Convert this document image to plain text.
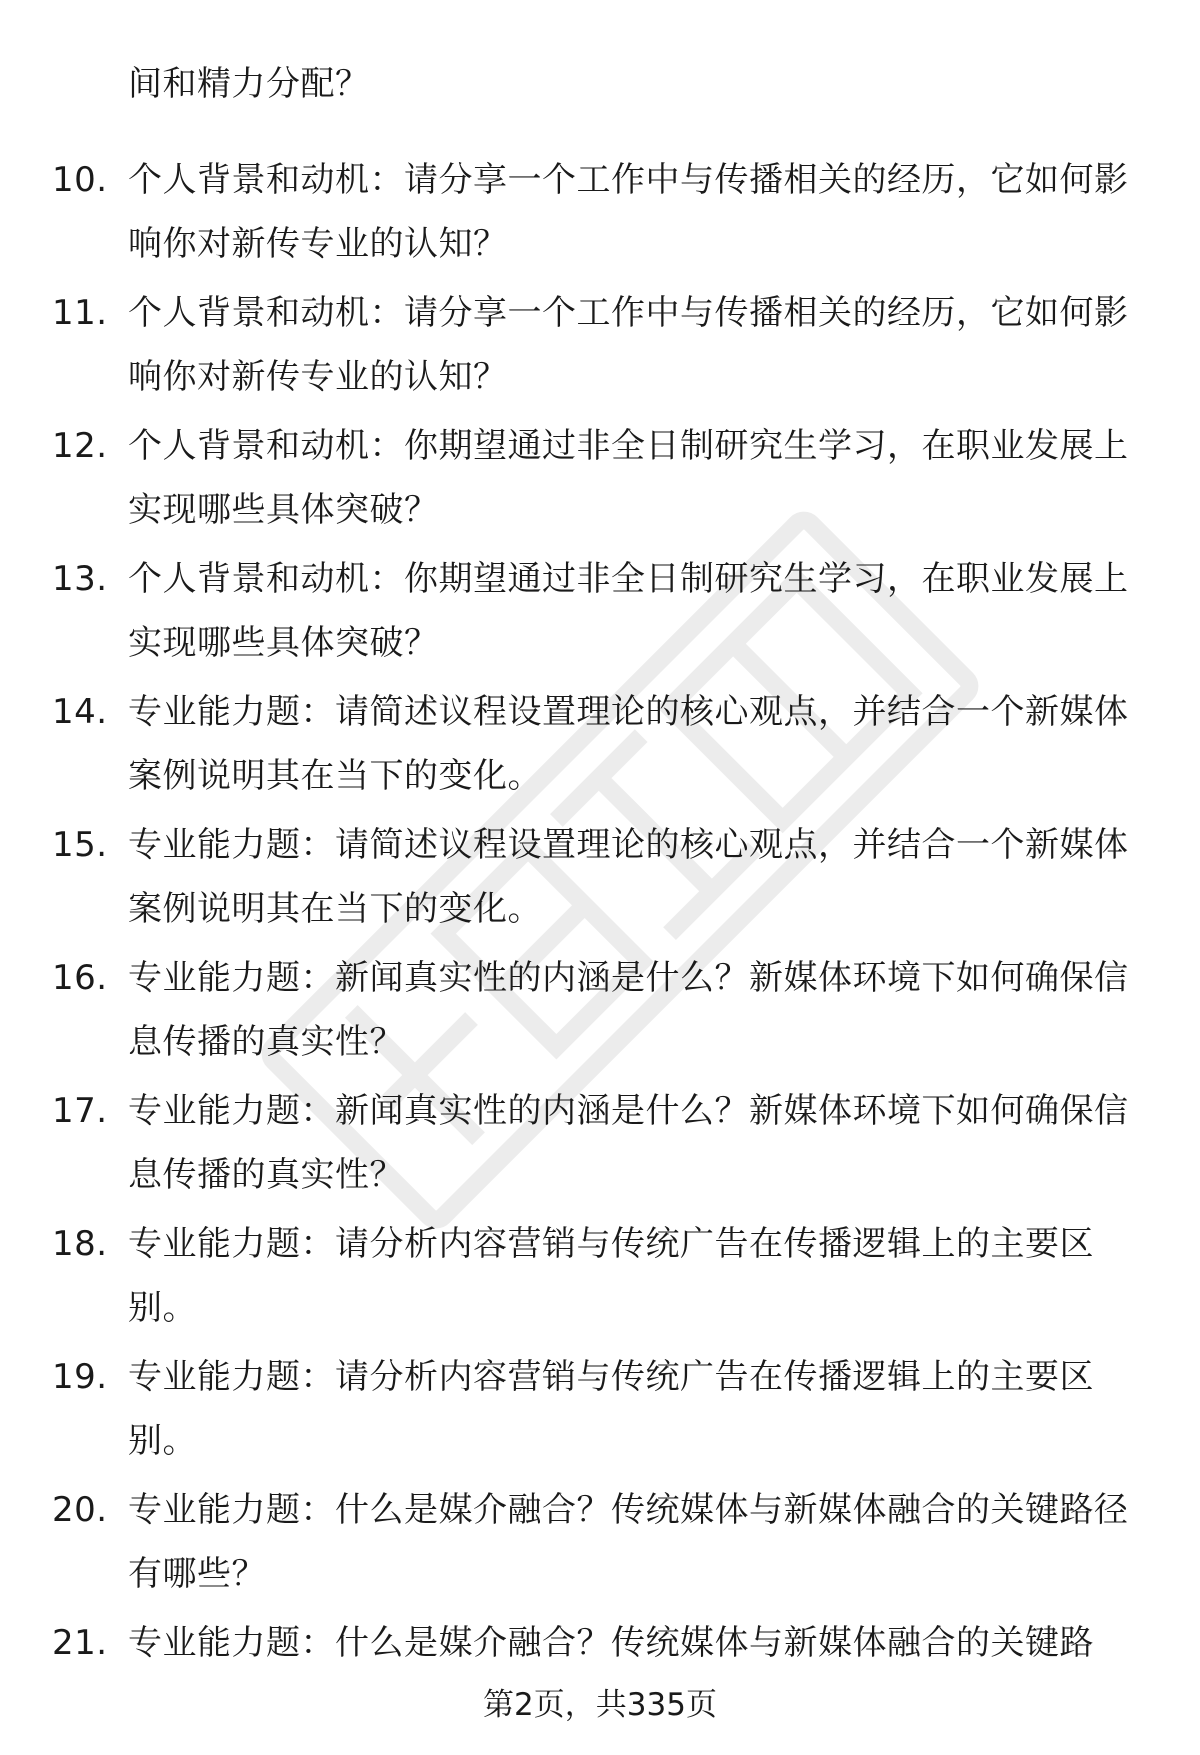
间和精力分配？

10. 个人背景和动机：请分享一个工作中与传播相关的经历，它如何影响你对新传专业的认知？

11. 个人背景和动机：请分享一个工作中与传播相关的经历，它如何影响你对新传专业的认知？

12. 个人背景和动机：你期望通过非全日制研究生学习，在职业发展上实现哪些具体突破？

13. 个人背景和动机：你期望通过非全日制研究生学习，在职业发展上实现哪些具体突破？

14. 专业能力题：请简述议程设置理论的核心观点，并结合一个新媒体案例说明其在当下的变化。

15. 专业能力题：请简述议程设置理论的核心观点，并结合一个新媒体案例说明其在当下的变化。

16. 专业能力题：新闻真实性的内涵是什么？新媒体环境下如何确保信息传播的真实性？

17. 专业能力题：新闻真实性的内涵是什么？新媒体环境下如何确保信息传播的真实性？

18. 专业能力题：请分析内容营销与传统广告在传播逻辑上的主要区别。

19. 专业能力题：请分析内容营销与传统广告在传播逻辑上的主要区别。

20. 专业能力题：什么是媒介融合？传统媒体与新媒体融合的关键路径有哪些？

21. 专业能力题：什么是媒介融合？传统媒体与新媒体融合的关键路

第2页，共335页
